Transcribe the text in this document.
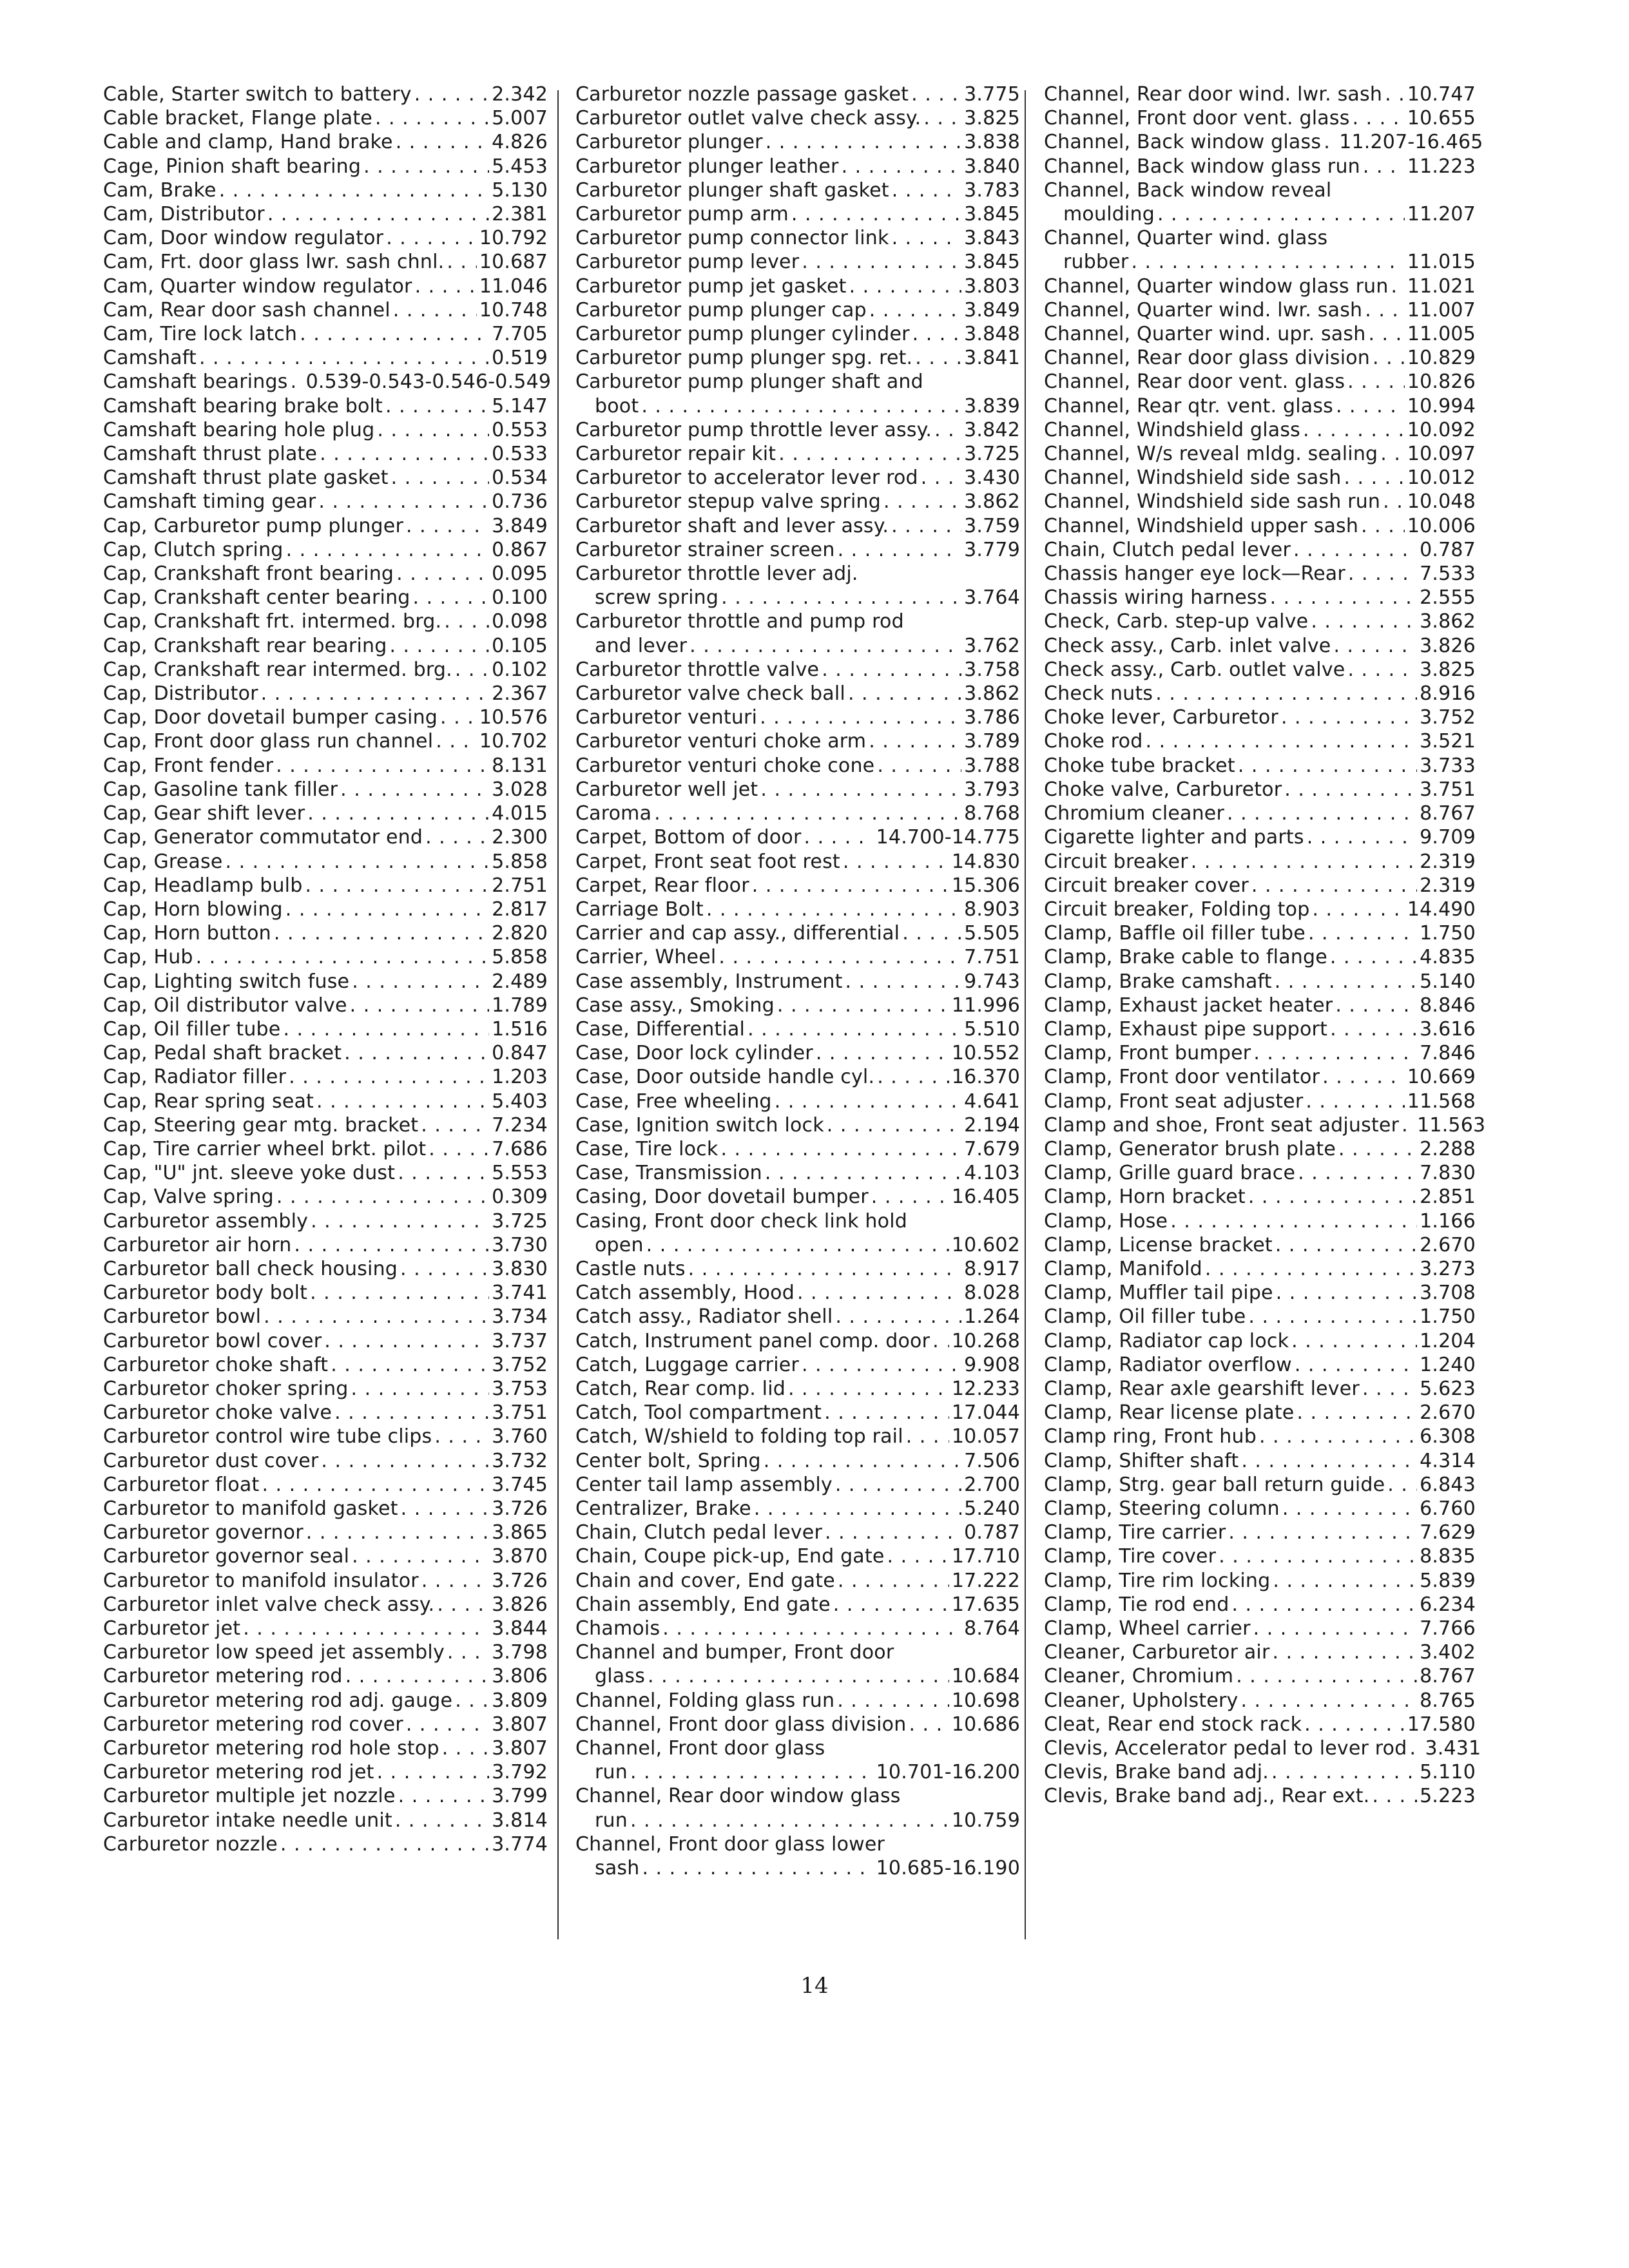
Cable, Starter switch to battery . . .	2.342
Cable bracket, Flange plate . . .	5.007
Cable and clamp, Hand brake . . .	4.826
Cage, Pinion shaft bearing . . .	5.453
Cam, Brake . . .	5.130
Cam, Distributor . . .	2.381
Cam, Door window regulator . . .	10.792
Cam, Frt. door glass lwr. sash chnl. . . . 10.687
Cam, Quarter window regulator . . .	11.046
Cam, Rear door sash channel . . .	10.748
Cam, Tire lock latch . . .	7.705
Camshaft . . .	0.519
Camshaft bearings . . . 0.539-0.543-0.546-0.549
Camshaft bearing brake bolt . . .	5.147
Camshaft bearing hole plug . . .	0.553
Camshaft thrust plate . . .	0.533
Camshaft thrust plate gasket . . .	0.534
Camshaft timing gear . . .	0.736
Cap, Carburetor pump plunger . . .	3.849
Cap, Clutch spring . . .	0.867
Cap, Crankshaft front bearing . . .	0.095
Cap, Crankshaft center bearing . . .	0.100
Cap, Crankshaft frt. intermed. brg. . . .	0.098
Cap, Crankshaft rear bearing . . .	0.105
Cap, Crankshaft rear intermed. brg. . . . 0.102
Cap, Distributor . . .	2.367
Cap, Door dovetail bumper casing . . . 10.576
Cap, Front door glass run channel . . . 10.702
Cap, Front fender . . .	8.131
Cap, Gasoline tank filler . . .	3.028
Cap, Gear shift lever . . .	4.015
Cap, Generator commutator end . . .	2.300
Cap, Grease . . .	5.858
Cap, Headlamp bulb . . .	2.751
Cap, Horn blowing . . .	2.817
Cap, Horn button . . .	2.820
Cap, Hub . . .	5.858
Cap, Lighting switch fuse . . .	2.489
Cap, Oil distributor valve . . .	1.789
Cap, Oil filler tube . . .	1.516
Cap, Pedal shaft bracket . . .	0.847
Cap, Radiator filler . . .	1.203
Cap, Rear spring seat . . .	5.403
Cap, Steering gear mtg. bracket . . .	7.234
Cap, Tire carrier wheel brkt. pilot . . .	7.686
Cap, "U" jnt. sleeve yoke dust . . .	5.553
Cap, Valve spring . . .	0.309
Carburetor assembly . . .	3.725
Carburetor air horn . . .	3.730
Carburetor ball check housing . . .	3.830
Carburetor body bolt . . .	3.741
Carburetor bowl . . .	3.734
Carburetor bowl cover . . .	3.737
Carburetor choke shaft . . .	3.752
Carburetor choker spring . . .	3.753
Carburetor choke valve . . .	3.751
Carburetor control wire tube clips . . .	3.760
Carburetor dust cover . . .	3.732
Carburetor float . . .	3.745
Carburetor to manifold gasket . . .	3.726
Carburetor governor . . .	3.865
Carburetor governor seal . . .	3.870
Carburetor to manifold insulator . . .	3.726
Carburetor inlet valve check assy. . . .	3.826
Carburetor jet . . .	3.844
Carburetor low speed jet assembly . . . 3.798
Carburetor metering rod . . .	3.806
Carburetor metering rod adj. gauge . . . 3.809
Carburetor metering rod cover . . .	3.807
Carburetor metering rod hole stop . . .	3.807
Carburetor metering rod jet . . .	3.792
Carburetor multiple jet nozzle . . .	3.799
Carburetor intake needle unit . . .	3.814
Carburetor nozzle . . .	3.774
Carburetor nozzle passage gasket . . .	3.775
Carburetor outlet valve check assy. . . . 3.825
Carburetor plunger . . .	3.838
Carburetor plunger leather . . .	3.840
Carburetor plunger shaft gasket . . .	3.783
Carburetor pump arm . . .	3.845
Carburetor pump connector link . . .	3.843
Carburetor pump lever . . .	3.845
Carburetor pump jet gasket . . .	3.803
Carburetor pump plunger cap . . .	3.849
Carburetor pump plunger cylinder . . .	3.848
Carburetor pump plunger spg. ret. . . .	3.841
Carburetor pump plunger shaft and
boot . . .	3.839
Carburetor pump throttle lever assy. . . . 3.842
Carburetor repair kit . . .	3.725
Carburetor to accelerator lever rod . . . 3.430
Carburetor stepup valve spring . . .	3.862
Carburetor shaft and lever assy. . . .	3.759
Carburetor strainer screen . . .	3.779
Carburetor throttle lever adj.
screw spring . . .	3.764
Carburetor throttle and pump rod
and lever . . .	3.762
Carburetor throttle valve . . .	3.758
Carburetor valve check ball . . .	3.862
Carburetor venturi . . .	3.786
Carburetor venturi choke arm . . .	3.789
Carburetor venturi choke cone . . .	3.788
Carburetor well jet . . .	3.793
Caroma . . .	8.768
Carpet, Bottom of door . . .	14.700-14.775
Carpet, Front seat foot rest . . .	14.830
Carpet, Rear floor . . .	15.306
Carriage Bolt . . .	8.903
Carrier and cap assy., differential . . .	5.505
Carrier, Wheel . . .	7.751
Case assembly, Instrument . . .	9.743
Case assy., Smoking . . .	11.996
Case, Differential . . .	5.510
Case, Door lock cylinder . . .	10.552
Case, Door outside handle cyl. . . .	16.370
Case, Free wheeling . . .	4.641
Case, Ignition switch lock . . .	2.194
Case, Tire lock . . .	7.679
Case, Transmission . . .	4.103
Casing, Door dovetail bumper . . .	16.405
Casing, Front door check link hold
open . . .	10.602
Castle nuts . . .	8.917
Catch assembly, Hood . . .	8.028
Catch assy., Radiator shell . . .	1.264
Catch, Instrument panel comp. door . . . 10.268
Catch, Luggage carrier . . .	9.908
Catch, Rear comp. lid . . .	12.233
Catch, Tool compartment . . .	17.044
Catch, W/shield to folding top rail . . .	10.057
Center bolt, Spring . . .	7.506
Center tail lamp assembly . . .	2.700
Centralizer, Brake . . .	5.240
Chain, Clutch pedal lever . . .	0.787
Chain, Coupe pick-up, End gate . . .	17.710
Chain and cover, End gate . . .	17.222
Chain assembly, End gate . . .	17.635
Chamois . . .	8.764
Channel and bumper, Front door
glass . . .	10.684
Channel, Folding glass run . . .	10.698
Channel, Front door glass division . . . 10.686
Channel, Front door glass
run . . .	10.701-16.200
Channel, Rear door window glass
run . . .	10.759
Channel, Front door glass lower
sash . . .	10.685-16.190
Channel, Rear door wind. lwr. sash . . . 10.747
Channel, Front door vent. glass . . .	10.655
Channel, Back window glass . . . 11.207-16.465
Channel, Back window glass run . . . 11.223
Channel, Back window reveal
moulding . . .	11.207
Channel, Quarter wind. glass
rubber . . .	11.015
Channel, Quarter window glass run . . . 11.021
Channel, Quarter wind. lwr. sash . . . 11.007
Channel, Quarter wind. upr. sash . . . 11.005
Channel, Rear door glass division . . . 10.829
Channel, Rear door vent. glass . . .	10.826
Channel, Rear qtr. vent. glass . . .	10.994
Channel, Windshield glass . . .	10.092
Channel, W/s reveal mldg. sealing . . . 10.097
Channel, Windshield side sash . . .	10.012
Channel, Windshield side sash run . . . 10.048
Channel, Windshield upper sash . . .	10.006
Chain, Clutch pedal lever . . .	0.787
Chassis hanger eye lock—Rear . . .	7.533
Chassis wiring harness . . .	2.555
Check, Carb. step-up valve . . .	3.862
Check assy., Carb. inlet valve . . .	3.826
Check assy., Carb. outlet valve . . .	3.825
Check nuts . . .	8.916
Choke lever, Carburetor . . .	3.752
Choke rod . . .	3.521
Choke tube bracket . . .	3.733
Choke valve, Carburetor . . .	3.751
Chromium cleaner . . .	8.767
Cigarette lighter and parts . . .	9.709
Circuit breaker . . .	2.319
Circuit breaker cover . . .	2.319
Circuit breaker, Folding top . . .	14.490
Clamp, Baffle oil filler tube . . .	1.750
Clamp, Brake cable to flange . . .	4.835
Clamp, Brake camshaft . . .	5.140
Clamp, Exhaust jacket heater . . .	8.846
Clamp, Exhaust pipe support . . .	3.616
Clamp, Front bumper . . .	7.846
Clamp, Front door ventilator . . .	10.669
Clamp, Front seat adjuster . . .	11.568
Clamp and shoe, Front seat adjuster . . . 11.563
Clamp, Generator brush plate . . .	2.288
Clamp, Grille guard brace . . .	7.830
Clamp, Horn bracket . . .	2.851
Clamp, Hose . . .	1.166
Clamp, License bracket . . .	2.670
Clamp, Manifold . . .	3.273
Clamp, Muffler tail pipe . . .	3.708
Clamp, Oil filler tube . . .	1.750
Clamp, Radiator cap lock . . .	1.204
Clamp, Radiator overflow . . .	1.240
Clamp, Rear axle gearshift lever . . .	5.623
Clamp, Rear license plate . . .	2.670
Clamp ring, Front hub . . .	6.308
Clamp, Shifter shaft . . .	4.314
Clamp, Strg. gear ball return guide . . . 6.843
Clamp, Steering column . . .	6.760
Clamp, Tire carrier . . .	7.629
Clamp, Tire cover . . .	8.835
Clamp, Tire rim locking . . .	5.839
Clamp, Tie rod end . . .	6.234
Clamp, Wheel carrier . . .	7.766
Cleaner, Carburetor air . . .	3.402
Cleaner, Chromium . . .	8.767
Cleaner, Upholstery . . .	8.765
Cleat, Rear end stock rack . . .	17.580
Clevis, Accelerator pedal to lever rod . . . 3.431
Clevis, Brake band adj. . . .	5.110
Clevis, Brake band adj., Rear ext. . . .	5.223
14
